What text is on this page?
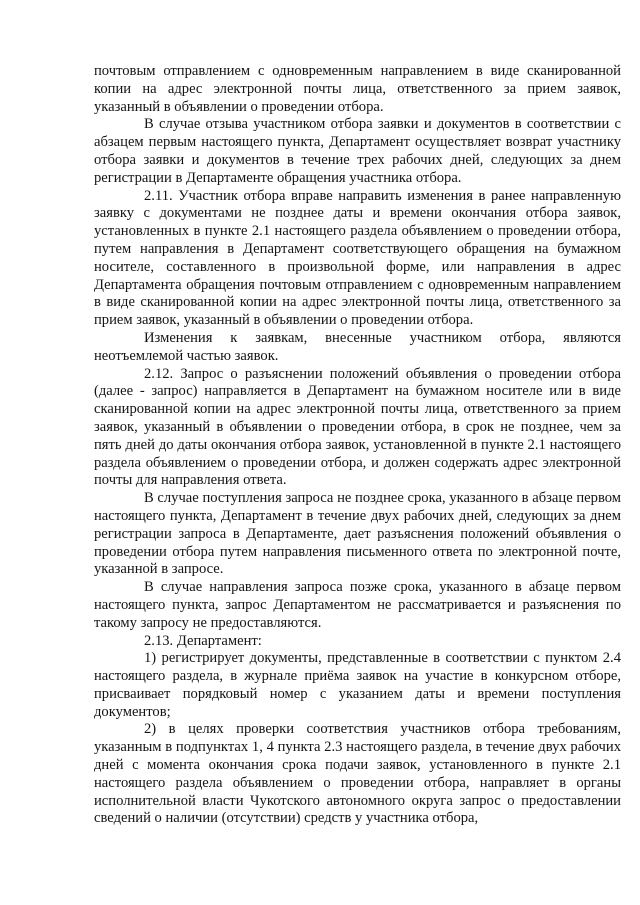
почтовым отправлением с одновременным направлением в виде сканированной копии на адрес электронной почты лица, ответственного за прием заявок, указанный в объявлении о проведении отбора.

В случае отзыва участником отбора заявки и документов в соответствии с абзацем первым настоящего пункта, Департамент осуществляет возврат участнику отбора заявки и документов в течение трех рабочих дней, следующих за днем регистрации в Департаменте обращения участника отбора.

2.11. Участник отбора вправе направить изменения в ранее направленную заявку с документами не позднее даты и времени окончания отбора заявок, установленных в пункте 2.1 настоящего раздела объявлением о проведении отбора, путем направления в Департамент соответствующего обращения на бумажном носителе, составленного в произвольной форме, или направления в адрес Департамента обращения почтовым отправлением с одновременным направлением в виде сканированной копии на адрес электронной почты лица, ответственного за прием заявок, указанный в объявлении о проведении отбора.

Изменения к заявкам, внесенные участником отбора, являются неотъемлемой частью заявок.

2.12. Запрос о разъяснении положений объявления о проведении отбора (далее - запрос) направляется в Департамент на бумажном носителе или в виде сканированной копии на адрес электронной почты лица, ответственного за прием заявок, указанный в объявлении о проведении отбора, в срок не позднее, чем за пять дней до даты окончания отбора заявок, установленной в пункте 2.1 настоящего раздела объявлением о проведении отбора, и должен содержать адрес электронной почты для направления ответа.

В случае поступления запроса не позднее срока, указанного в абзаце первом настоящего пункта, Департамент в течение двух рабочих дней, следующих за днем регистрации запроса в Департаменте, дает разъяснения положений объявления о проведении отбора путем направления письменного ответа по электронной почте, указанной в запросе.

В случае направления запроса позже срока, указанного в абзаце первом настоящего пункта, запрос Департаментом не рассматривается и разъяснения по такому запросу не предоставляются.

2.13. Департамент:

1) регистрирует документы, представленные в соответствии с пунктом 2.4 настоящего раздела, в журнале приёма заявок на участие в конкурсном отборе, присваивает порядковый номер с указанием даты и времени поступления документов;

2) в целях проверки соответствия участников отбора требованиям, указанным в подпунктах 1, 4 пункта 2.3 настоящего раздела, в течение двух рабочих дней с момента окончания срока подачи заявок, установленного в пункте 2.1 настоящего раздела объявлением о проведении отбора, направляет в органы исполнительной власти Чукотского автономного округа запрос о предоставлении сведений о наличии (отсутствии) средств у участника отбора,
